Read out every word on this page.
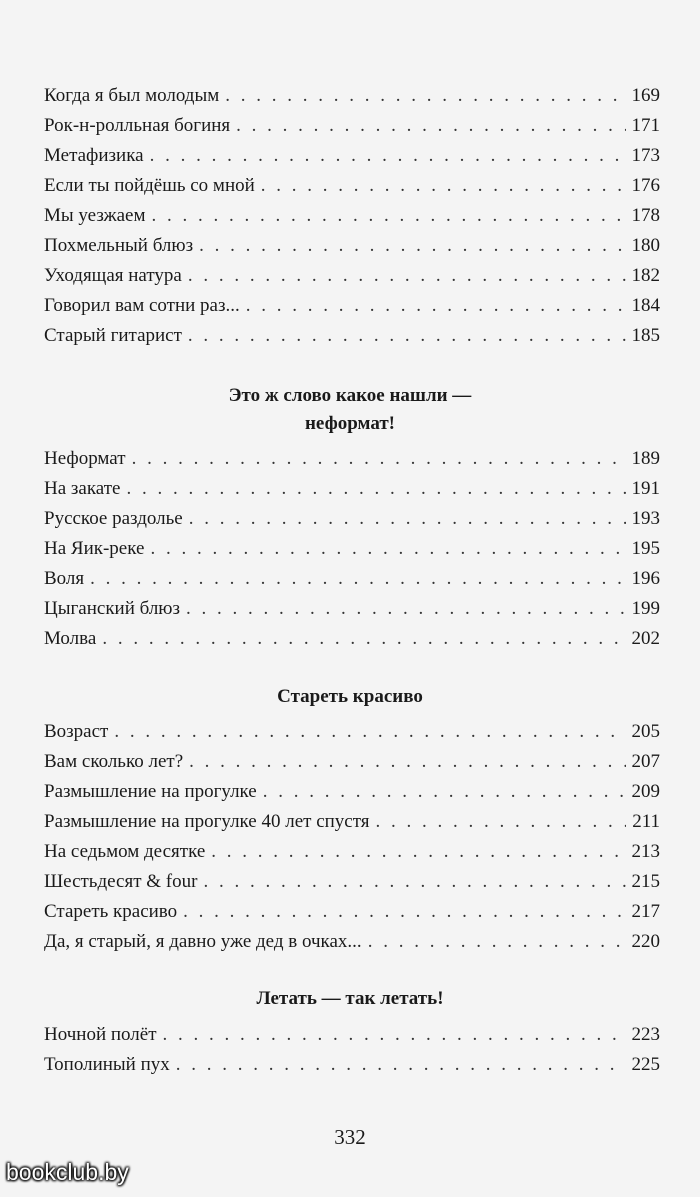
Когда я был молодым . . .	169
Рок-н-ролльная богиня . . .	171
Метафизика . . .	173
Если ты пойдёшь со мной . . .	176
Мы уезжаем . . .	178
Похмельный блюз . . .	180
Уходящая натура . . .	182
Говорил вам сотни раз... . . .	184
Старый гитарист . . .	185
Это ж слово какое нашли —
неформат!
Неформат . . .	189
На закате . . .	191
Русское раздолье . . .	193
На Яик-реке . . .	195
Воля . . .	196
Цыганский блюз . . .	199
Молва . . .	202
Стареть красиво
Возраст . . .	205
Вам сколько лет? . . .	207
Размышление на прогулке . . .	209
Размышление на прогулке 40 лет спустя . . .	211
На седьмом десятке . . .	213
Шестьдесят & four . . .	215
Стареть красиво . . .	217
Да, я старый, я давно уже дед в очках... . . .	220
Летать — так летать!
Ночной полёт . . .	223
Тополиный пух . . .	225
332
bookclub.by
